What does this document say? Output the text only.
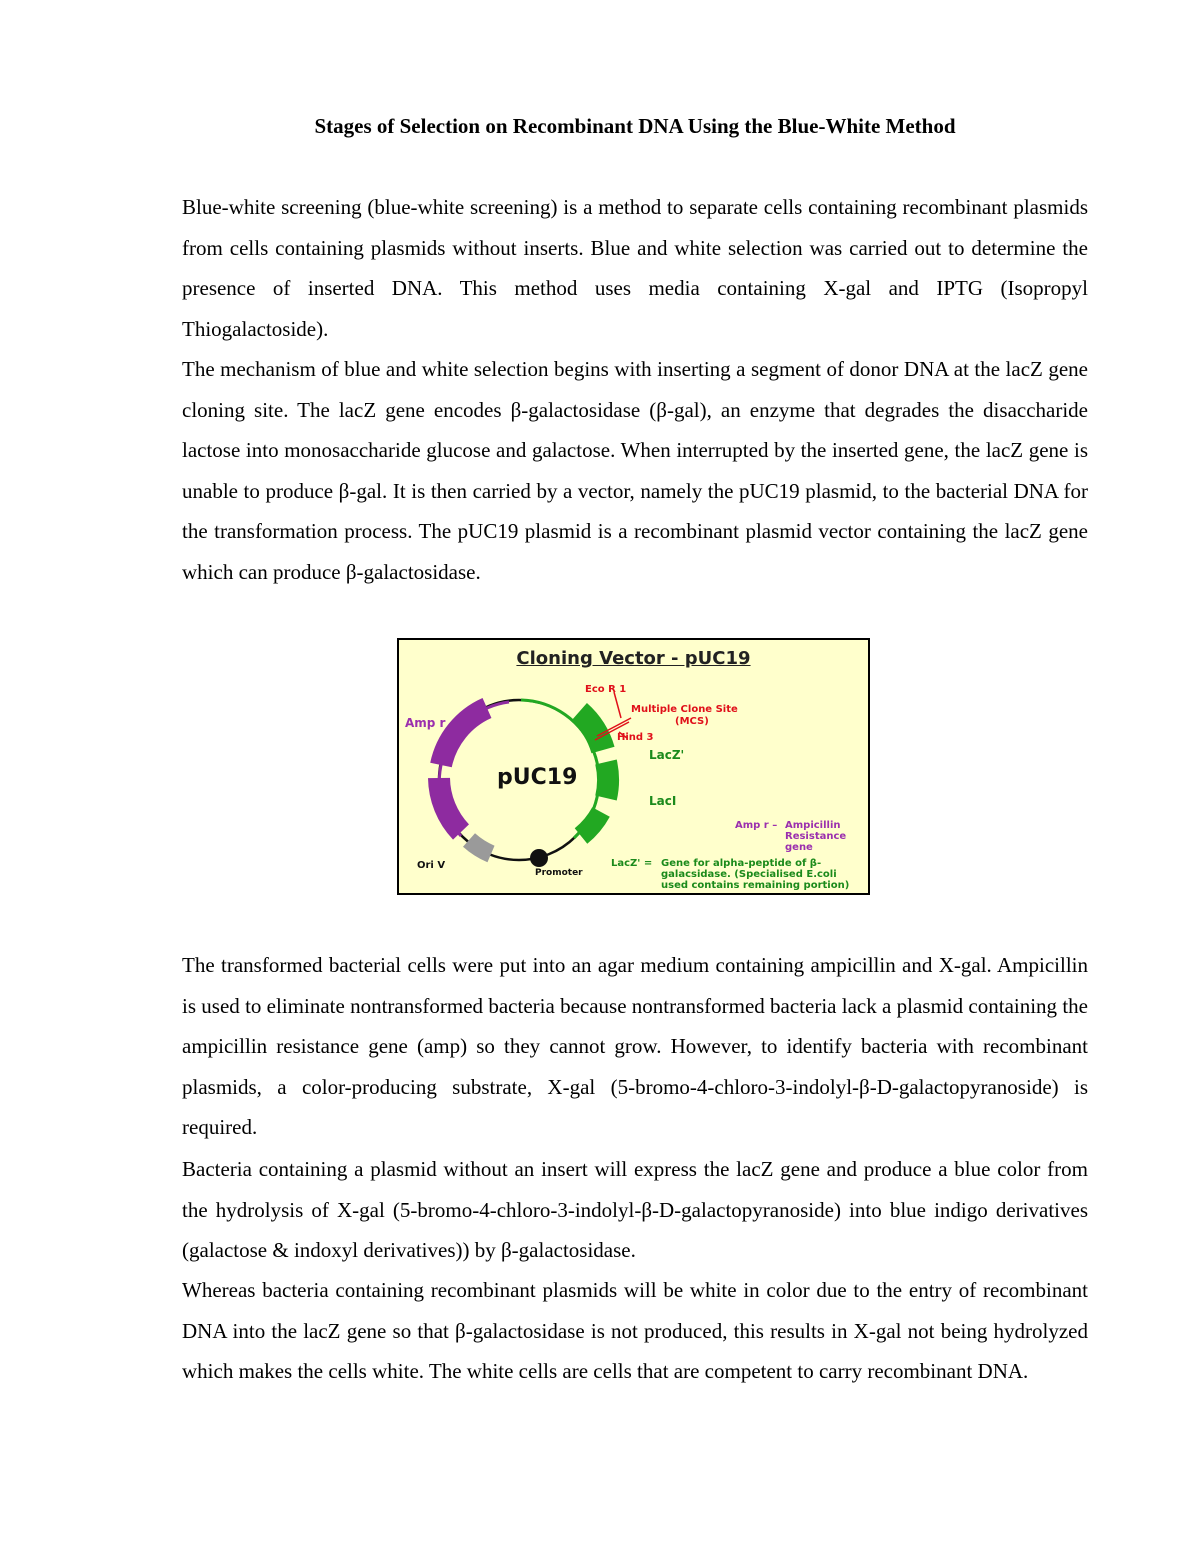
Stages of Selection on Recombinant DNA Using the Blue-White Method

Blue-white screening (blue-white screening) is a method to separate cells containing recombinant plasmids from cells containing plasmids without inserts. Blue and white selection was carried out to determine the presence of inserted DNA. This method uses media containing X-gal and IPTG (Isopropyl Thiogalactoside).

The mechanism of blue and white selection begins with inserting a segment of donor DNA at the lacZ gene cloning site. The lacZ gene encodes β-galactosidase (β-gal), an enzyme that degrades the disaccharide lactose into monosaccharide glucose and galactose. When interrupted by the inserted gene, the lacZ gene is unable to produce β-gal. It is then carried by a vector, namely the pUC19 plasmid, to the bacterial DNA for the transformation process. The pUC19 plasmid is a recombinant plasmid vector containing the lacZ gene which can produce β-galactosidase.

The transformed bacterial cells were put into an agar medium containing ampicillin and X-gal. Ampicillin is used to eliminate nontransformed bacteria because nontransformed bacteria lack a plasmid containing the ampicillin resistance gene (amp) so they cannot grow. However, to identify bacteria with recombinant plasmids, a color-producing substrate, X-gal (5-bromo-4-chloro-3-indolyl-β-D-galactopyranoside) is required.

Bacteria containing a plasmid without an insert will express the lacZ gene and produce a blue color from the hydrolysis of X-gal (5-bromo-4-chloro-3-indolyl-β-D-galactopyranoside) into blue indigo derivatives (galactose & indoxyl derivatives)) by β-galactosidase.

Whereas bacteria containing recombinant plasmids will be white in color due to the entry of recombinant DNA into the lacZ gene so that β-galactosidase is not produced, this results in X-gal not being hydrolyzed which makes the cells white. The white cells are cells that are competent to carry recombinant DNA.

Cloning Vector - pUC19
pUC19
Eco R 1
Multiple Clone Site
(MCS)
Hind 3
LacZ'
LacI
Amp r
Ori V
Promoter
Amp r – Ampicillin Resistance gene
LacZ' = Gene for alpha-peptide of β-galacsidase. (Specialised E.coli used contains remaining portion)
